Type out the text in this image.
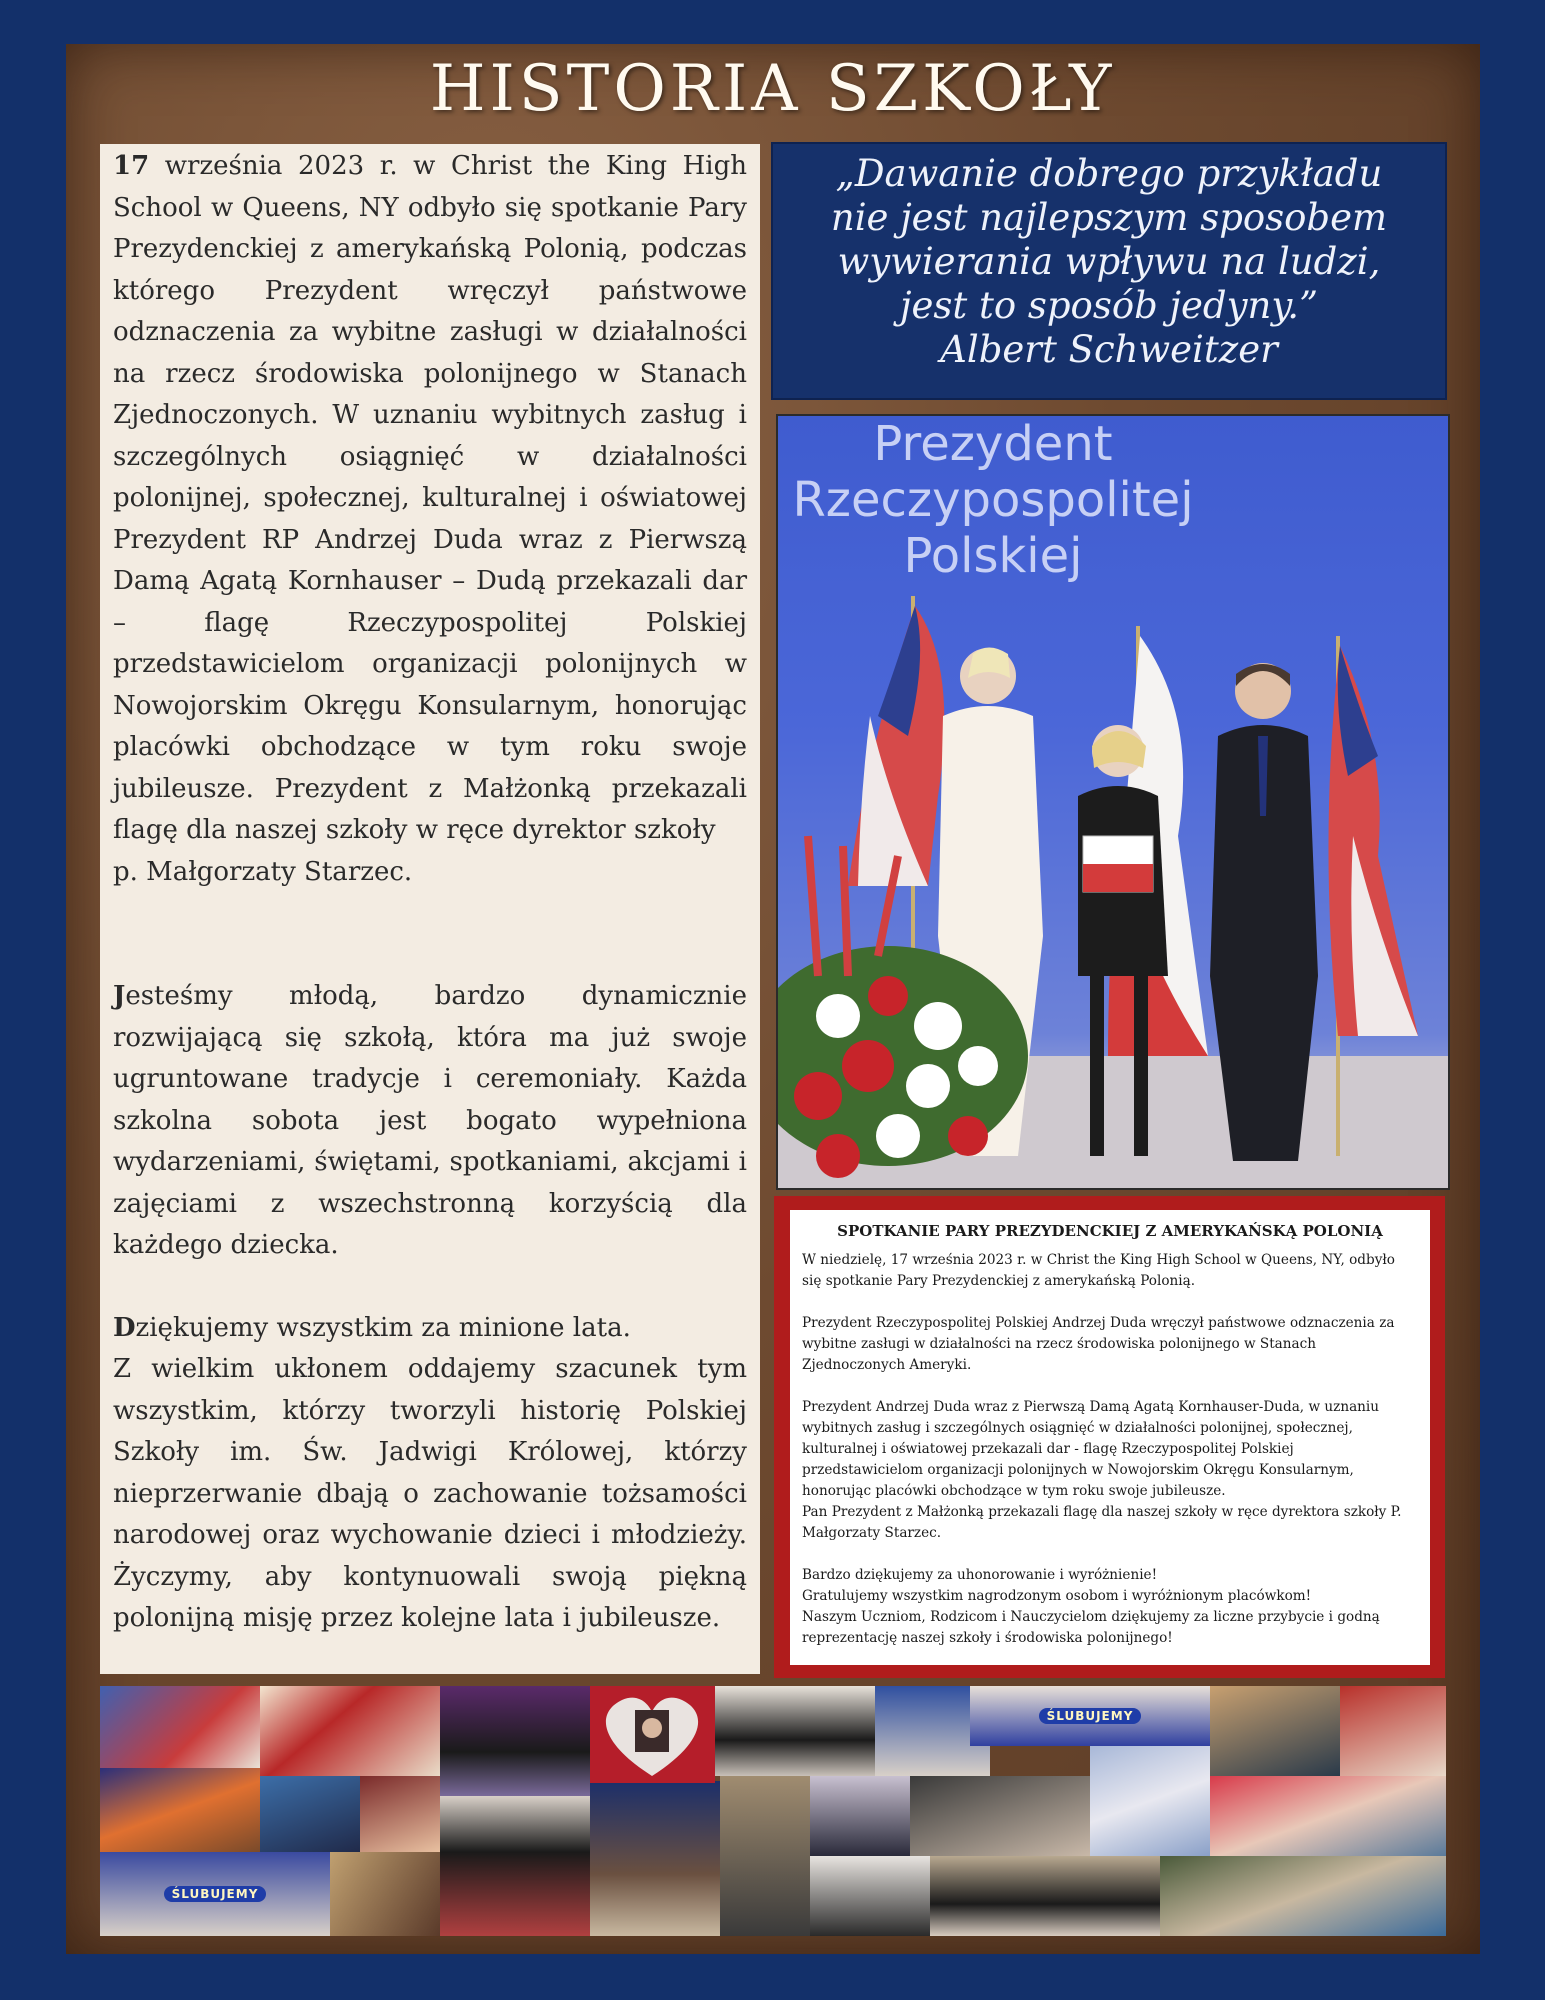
HISTORIA SZKOŁY

17 września 2023 r. w Christ the King High School w Queens, NY odbyło się spotkanie Pary Prezydenckiej z amerykańską Polonią, podczas którego Prezydent wręczył państwowe odznaczenia za wybitne zasługi w działalności na rzecz środowiska polonijnego w Stanach Zjednoczonych. W uznaniu wybitnych zasług i szczególnych osiągnięć w działalności polonijnej, społecznej, kulturalnej i oświatowej Prezydent RP Andrzej Duda wraz z Pierwszą Damą Agatą Kornhauser – Dudą przekazali dar – flagę Rzeczypospolitej Polskiej przedstawicielom organizacji polonijnych w Nowojorskim Okręgu Konsularnym, honorując placówki obchodzące w tym roku swoje jubileusze. Prezydent z Małżonką przekazali flagę dla naszej szkoły w ręce dyrektor szkoły

p. Małgorzaty Starzec.

Jesteśmy młodą, bardzo dynamicznie rozwijającą się szkołą, która ma już swoje ugruntowane tradycje i ceremoniały. Każda szkolna sobota jest bogato wypełniona wydarzeniami, świętami, spotkaniami, akcjami i zajęciami z wszechstronną korzyścią dla każdego dziecka.

Dziękujemy wszystkim za minione lata.

Z wielkim ukłonem oddajemy szacunek tym wszystkim, którzy tworzyli historię Polskiej Szkoły im. Św. Jadwigi Królowej, którzy nieprzerwanie dbają o zachowanie tożsamości narodowej oraz wychowanie dzieci i młodzieży. Życzymy, aby kontynuowali swoją piękną polonijną misję przez kolejne lata i jubileusze.

„Dawanie dobrego przykładu
nie jest najlepszym sposobem
wywierania wpływu na ludzi,
jest to sposób jedyny.”
Albert Schweitzer
Prezydent
Rzeczypospolitej
Polskiej
SPOTKANIE PARY PREZYDENCKIEJ Z AMERYKAŃSKĄ POLONIĄ

W niedzielę, 17 września 2023 r. w Christ the King High School w Queens, NY, odbyło się spotkanie Pary Prezydenckiej z amerykańską Polonią.

Prezydent Rzeczypospolitej Polskiej Andrzej Duda wręczył państwowe odznaczenia za wybitne zasługi w działalności na rzecz środowiska polonijnego w Stanach Zjednoczonych Ameryki.

Prezydent Andrzej Duda wraz z Pierwszą Damą Agatą Kornhauser-Duda, w uznaniu wybitnych zasług i szczególnych osiągnięć w działalności polonijnej, społecznej, kulturalnej i oświatowej przekazali dar - flagę Rzeczypospolitej Polskiej przedstawicielom organizacji polonijnych w Nowojorskim Okręgu Konsularnym, honorując placówki obchodzące w tym roku swoje jubileusze.
Pan Prezydent z Małżonką przekazali flagę dla naszej szkoły w ręce dyrektora szkoły P. Małgorzaty Starzec.

Bardzo dziękujemy za uhonorowanie i wyróżnienie!
Gratulujemy wszystkim nagrodzonym osobom i wyróżnionym placówkom!
Naszym Uczniom, Rodzicom i Nauczycielom dziękujemy za liczne przybycie i godną reprezentację naszej szkoły i środowiska polonijnego!

ŚLUBUJEMY
ŚLUBUJEMY
